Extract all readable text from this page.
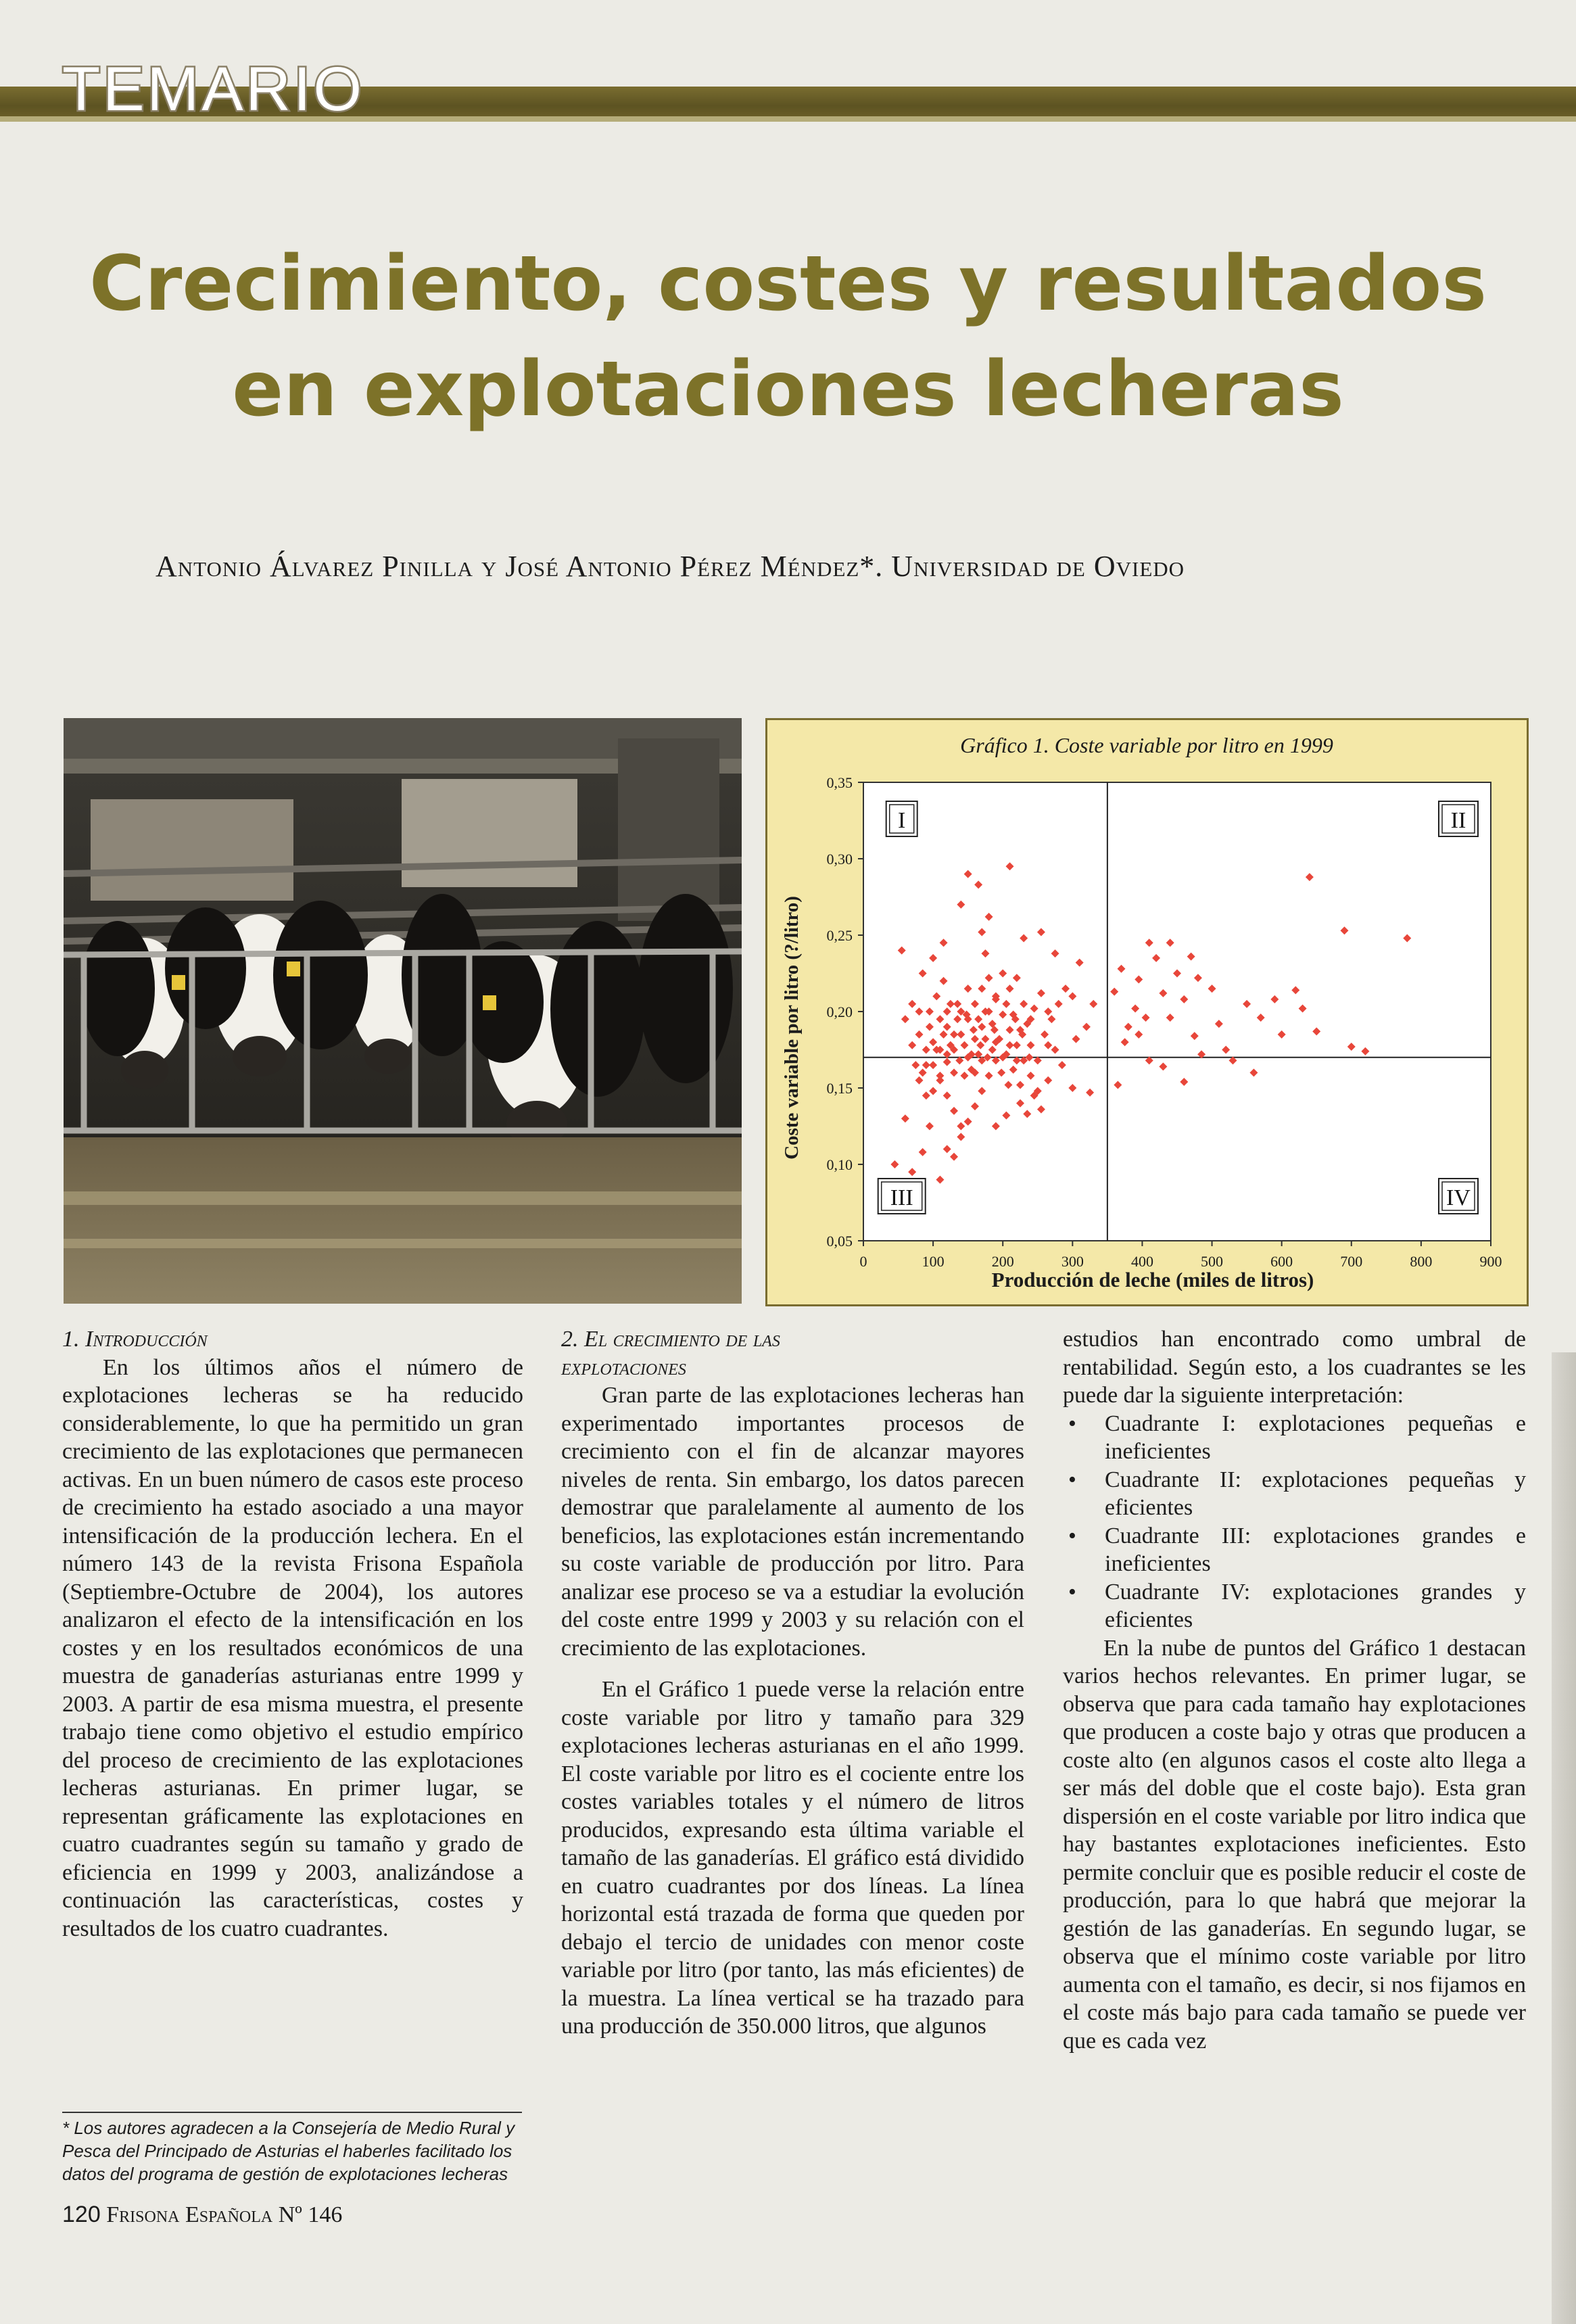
TEMARIO
Crecimiento, costes y resultados
en explotaciones lecheras
Antonio Álvarez Pinilla y José Antonio Pérez Méndez*. Universidad de Oviedo
Gráfico 1. Coste variable por litro en 1999
0,05
0,10
0,15
0,20
0,25
0,30
0,35
0	100	200	300	400	500	600	700	800	900
I	II
III	IV
Producción de leche (miles de litros)
Coste variable por litro (?/litro)

1. Introducción

En los últimos años el número de explotaciones lecheras se ha reducido considerablemente, lo que ha permitido un gran crecimiento de las explotaciones que permanecen activas. En un buen número de casos este proceso de crecimiento ha estado asociado a una mayor intensificación de la producción lechera. En el número 143 de la revista Frisona Española (Septiembre-Octubre de 2004), los autores analizaron el efecto de la intensificación en los costes y en los resultados económicos de una muestra de ganaderías asturianas entre 1999 y 2003. A partir de esa misma muestra, el presente trabajo tiene como objetivo el estudio empírico del proceso de crecimiento de las explotaciones lecheras asturianas. En primer lugar, se representan gráficamente las explotaciones en cuatro cuadrantes según su tamaño y grado de eficiencia en 1999 y 2003, analizándose a continuación las características, costes y resultados de los cuatro cuadrantes.

2. El crecimiento de las explotaciones

Gran parte de las explotaciones lecheras han experimentado importantes procesos de crecimiento con el fin de alcanzar mayores niveles de renta. Sin embargo, los datos parecen demostrar que paralelamente al aumento de los beneficios, las explotaciones están incrementando su coste variable de producción por litro. Para analizar ese proceso se va a estudiar la evolución del coste entre 1999 y 2003 y su relación con el crecimiento de las explotaciones.

En el Gráfico 1 puede verse la relación entre coste variable por litro y tamaño para 329 explotaciones lecheras asturianas en el año 1999. El coste variable por litro es el cociente entre los costes variables totales y el número de litros producidos, expresando esta última variable el tamaño de las ganaderías. El gráfico está dividido en cuatro cuadrantes por dos líneas. La línea horizontal está trazada de forma que queden por debajo el tercio de unidades con menor coste variable por litro (por tanto, las más eficientes) de la muestra. La línea vertical se ha trazado para una producción de 350.000 litros, que algunos

estudios han encontrado como umbral de rentabilidad. Según esto, a los cuadrantes se les puede dar la siguiente interpretación:

• Cuadrante I: explotaciones pequeñas e ineficientes
• Cuadrante II: explotaciones pequeñas y eficientes
• Cuadrante III: explotaciones grandes e ineficientes
• Cuadrante IV: explotaciones grandes y eficientes

En la nube de puntos del Gráfico 1 destacan varios hechos relevantes. En primer lugar, se observa que para cada tamaño hay explotaciones que producen a coste bajo y otras que producen a coste alto (en algunos casos el coste alto llega a ser más del doble que el coste bajo). Esta gran dispersión en el coste variable por litro indica que hay bastantes explotaciones ineficientes. Esto permite concluir que es posible reducir el coste de producción, para lo que habrá que mejorar la gestión de las ganaderías. En segundo lugar, se observa que el mínimo coste variable por litro aumenta con el tamaño, es decir, si nos fijamos en el coste más bajo para cada tamaño se puede ver que es cada vez

* Los autores agradecen a la Consejería de Medio Rural y Pesca del Principado de Asturias el haberles facilitado los datos del programa de gestión de explotaciones lecheras
120 Frisona Española Nº 146
